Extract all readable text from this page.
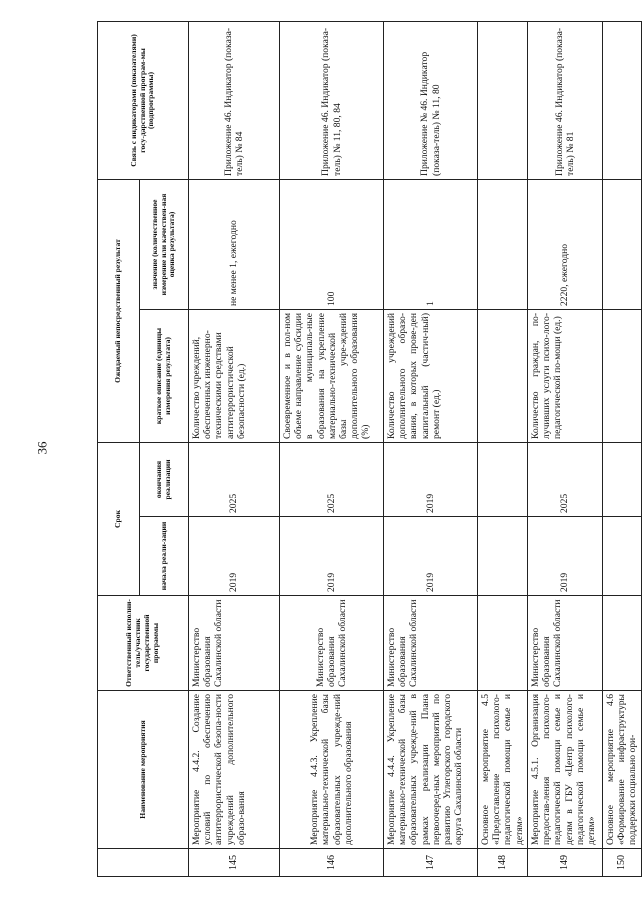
36
	Наименование мероприятия	Ответственный исполни-тель/участник государственной программы	Срок		Ожидаемый непосредственный результат		Связь с индикаторами (показателями) госу-дарственной програм-мы (подпрограммы)
			начала реали-зации	окончания реализации	краткое описание (единицы измерения результата)	значение (количественное измерение или качествен-ная оценка результата)	
145	Мероприятие 4.4.2. Создание условий по обеспечению антитеррористической безопа-ности учреждений дополнительного образо-вания	Министерство образования Сахалинской области	2019	2025	Количество учреждений, обеспеченных инженерно-техническими средствами антитеррористической безопасности (ед.)	не менее 1, ежегодно	Приложение 46. Индикатор (показа-тель) № 84
146	Мероприятие 4.4.3. Укрепление материально-технической базы образовательных учрежде-ний дополнительного образования	Министерство образования Сахалинской области	2019	2025	Своевременное и в пол-ном объеме направление субсидии в муниципаль-ные образования на укрепление материально-технической базы учре-ждений дополнительного образования (%)	100	Приложение 46. Индикатор (показа-тель) № 11, 80, 84
147	Мероприятие 4.4.4. Укрепление материально-технической базы образовательных учрежде-ний в рамках реализации Плана первоочеред-ных мероприятий по развитию Углегорского городского округа Сахалинской области	Министерство образования Сахалинской области	2019	2019	Количество учреждений дополнительного образо-вания, в которых прове-ден капитальный (частич-ный) ремонт (ед.)	1	Приложение № 46. Индикатор (показа-тель) № 11, 80
148	Основное мероприятие 4.5 «Предоставление психолого-педагогической помощи семье и детям»						
149	Мероприятие 4.5.1. Организация предостав-ления психолого-педагогической помощи семье и детям в ГБУ «Центр психолого-педагогической помощи семье и детям»	Министерство образования Сахалинской области	2019	2025	Количество граждан, по-лучивших услуги психо-лого-педагогической по-мощи (ед.)	2220, ежегодно	Приложение 46. Индикатор (показа-тель) № 81
150	Основное мероприятие 4.6 «Формирование инфраструктуры поддержки социально ори-						
